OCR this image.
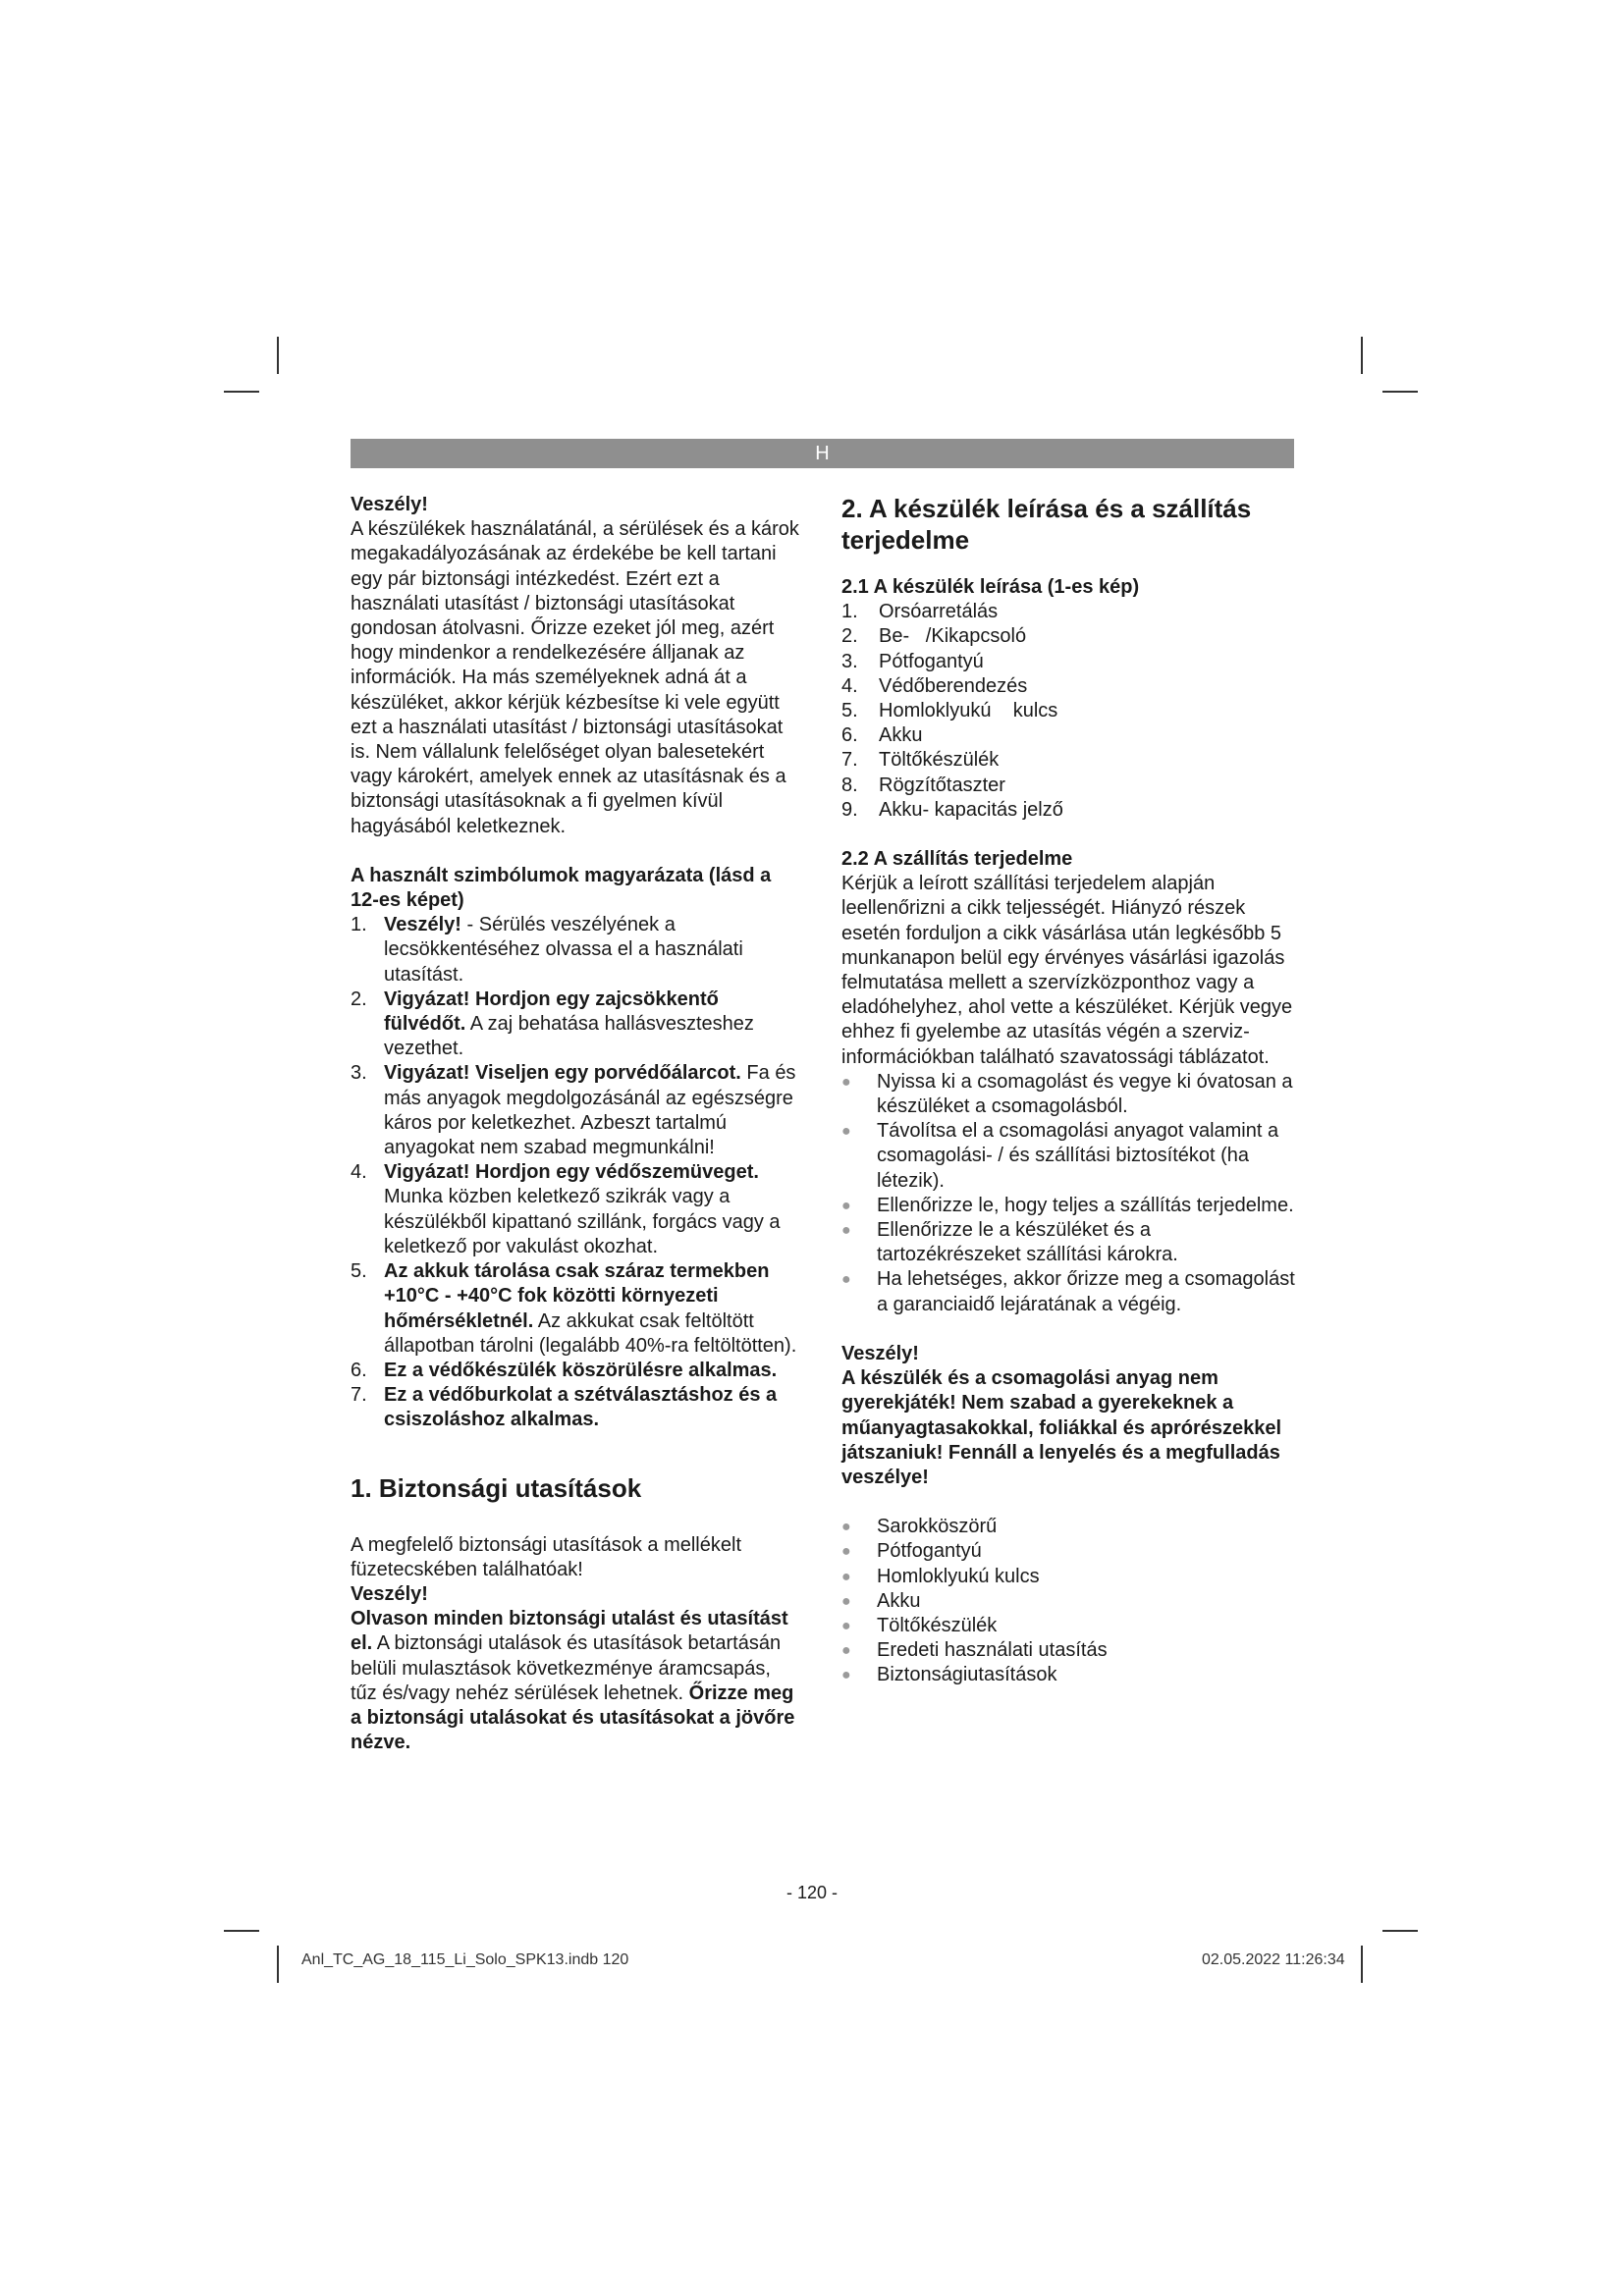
H

Veszély!

A készülékek használatánál, a sérülések és a károk megakadályozásának az érdekébe be kell tartani egy pár biztonsági intézkedést. Ezért ezt a használati utasítást / biztonsági utasításokat gondosan átolvasni. Őrizze ezeket jól meg, azért hogy mindenkor a rendelkezésére álljanak az információk. Ha más személyeknek adná át a készüléket, akkor kérjük kézbesítse ki vele együtt ezt a használati utasítást / biztonsági utasításokat is. Nem vállalunk felelőséget olyan balesetekért vagy károkért, amelyek ennek az utasításnak és a biztonsági utasításoknak a fi gyelmen kívül hagyásából keletkeznek.

A használt szimbólumok magyarázata (lásd a 12-es képet)

1. Veszély! - Sérülés veszélyének a lecsökkentéséhez olvassa el a használati utasítást.
2. Vigyázat! Hordjon egy zajcsökkentő fülvédőt. A zaj behatása hallásveszteshez vezethet.
3. Vigyázat! Viseljen egy porvédőálarcot. Fa és más anyagok megdolgozásánál az egészségre káros por keletkezhet. Azbeszt tartalmú anyagokat nem szabad megmunkálni!
4. Vigyázat! Hordjon egy védőszemüveget. Munka közben keletkező szikrák vagy a készülékből kipattanó szillánk, forgács vagy a keletkező por vakulást okozhat.
5. Az akkuk tárolása csak száraz termekben +10°C - +40°C fok közötti környezeti hőmérsékletnél. Az akkukat csak feltöltött állapotban tárolni (legalább 40%-ra feltöltötten).
6. Ez a védőkészülék köszörülésre alkalmas.
7. Ez a védőburkolat a szétválasztáshoz és a csiszoláshoz alkalmas.

1. Biztonsági utasítások

A megfelelő biztonsági utasítások a mellékelt füzetecskében találhatóak!

Veszély!

Olvason minden biztonsági utalást és utasítást el. A biztonsági utalások és utasítások betartásán belüli mulasztások következménye áramcsapás, tűz és/vagy nehéz sérülések lehetnek. Őrizze meg a biztonsági utalásokat és utasításokat a jövőre nézve.

2. A készülék leírása és a szállítás terjedelme

2.1 A készülék leírása (1-es kép)

1.	Orsóarretálás
2.	Be-   /Kikapcsoló
3.	Pótfogantyú
4.	Védőberendezés
5.	Homloklyukú    kulcs
6.	Akku
7.	Töltőkészülék
8.	Rögzítőtaszter
9.	Akku- kapacitás jelző

2.2 A szállítás terjedelme

Kérjük a leírott szállítási terjedelem alapján leellenőrizni a cikk teljességét. Hiányzó részek esetén forduljon a cikk vásárlása után legkésőbb 5 munkanapon belül egy érvényes vásárlási igazolás felmutatása mellett a szervízközponthoz vagy a eladóhelyhez, ahol vette a készüléket. Kérjük vegye ehhez fi gyelembe az utasítás végén a szerviz-információkban található szavatossági táblázatot.

●	Nyissa ki a csomagolást és vegye ki óvatosan a készüléket a csomagolásból.
●	Távolítsa el a csomagolási anyagot valamint a csomagolási- / és szállítási biztosítékot (ha létezik).
●	Ellenőrizze le, hogy teljes a szállítás terjedelme.
●	Ellenőrizze le a készüléket és a tartozékrészeket szállítási károkra.
●	Ha lehetséges, akkor őrizze meg a csomagolást a garanciaidő lejáratának a végéig.

Veszély!

A készülék és a csomagolási anyag nem gyerekjáték! Nem szabad a gyerekeknek a műanyagtasakokkal, foliákkal és aprórészekkel játszaniuk! Fennáll a lenyelés és a megfulladás veszélye!

●	Sarokköszörű
●	Pótfogantyú
●	Homloklyukú kulcs
●	Akku
●	Töltőkészülék
●	Eredeti használati utasítás
●	Biztonságiutasítások
- 120 -
Anl_TC_AG_18_115_Li_Solo_SPK13.indb 120	02.05.2022 11:26:34
